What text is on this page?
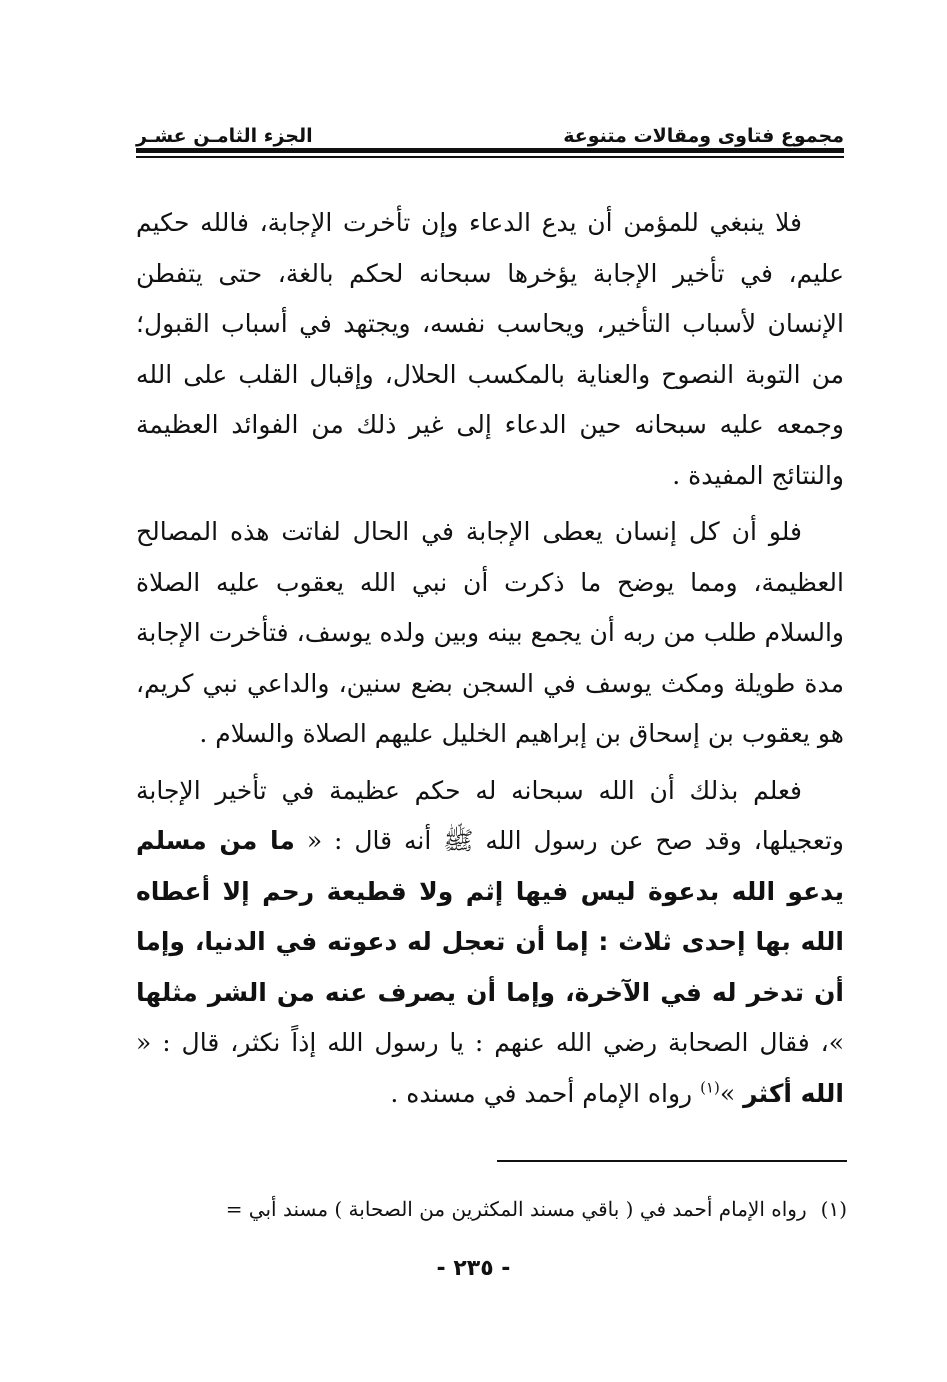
مجموع فتاوى ومقالات متنوعة
الجزء الثامـن عشـر

فلا ينبغي للمؤمن أن يدع الدعاء وإن تأخرت الإجابة، فالله حكيم عليم، في تأخير الإجابة يؤخرها سبحانه لحكم بالغة، حتى يتفطن الإنسان لأسباب التأخير، ويحاسب نفسه، ويجتهد في أسباب القبول؛ من التوبة النصوح والعناية بالمكسب الحلال، وإقبال القلب على الله وجمعه عليه سبحانه حين الدعاء إلى غير ذلك من الفوائد العظيمة والنتائج المفيدة .

فلو أن كل إنسان يعطى الإجابة في الحال لفاتت هذه المصالح العظيمة، ومما يوضح ما ذكرت أن نبي الله يعقوب عليه الصلاة والسلام طلب من ربه أن يجمع بينه وبين ولده يوسف، فتأخرت الإجابة مدة طويلة ومكث يوسف في السجن بضع سنين، والداعي نبي كريم، هو يعقوب بن إسحاق بن إبراهيم الخليل عليهم الصلاة والسلام .

فعلم بذلك أن الله سبحانه له حكم عظيمة في تأخير الإجابة وتعجيلها، وقد صح عن رسول الله ﷺ أنه قال : « ما من مسلم يدعو الله بدعوة ليس فيها إثم ولا قطيعة رحم إلا أعطاه الله بها إحدى ثلاث : إما أن تعجل له دعوته في الدنيا، وإما أن تدخر له في الآخرة، وإما أن يصرف عنه من الشر مثلها »، فقال الصحابة رضي الله عنهم : يا رسول الله إذاً نكثر، قال : « الله أكثر »$^{(١)}$ رواه الإمام أحمد في مسنده .

(١)رواه الإمام أحمد في ( باقي مسند المكثرين من الصحابة ) مسند أبي =
- ٢٣٥ -
